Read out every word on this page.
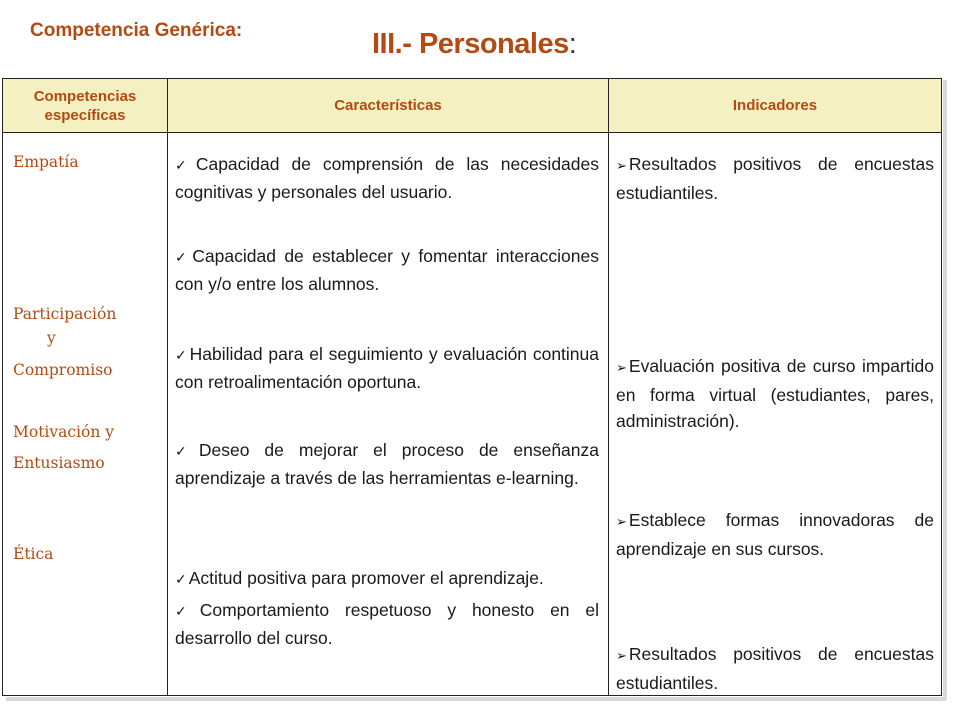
Competencia Genérica:	III.- Personales:
Competencias específicas
Características	Indicadores
Empatía
Participación
y
Compromiso
Motivación y
Entusiasmo
Ética
✓ Capacidad de comprensión de las necesidades cognitivas y personales del usuario.
✓ Capacidad de establecer y fomentar interacciones con y/o entre los alumnos.
✓ Habilidad para el seguimiento y evaluación continua con retroalimentación oportuna.
✓ Deseo de mejorar el proceso de enseñanza aprendizaje a través de las herramientas e-learning.
✓ Actitud positiva para promover el aprendizaje.
✓ Comportamiento respetuoso y honesto en el desarrollo del curso.
➢ Resultados positivos de encuestas estudiantiles.
➢ Evaluación positiva de curso impartido en forma virtual (estudiantes, pares, administración).
➢ Establece formas innovadoras de aprendizaje en sus cursos.
➢ Resultados positivos de encuestas estudiantiles.
